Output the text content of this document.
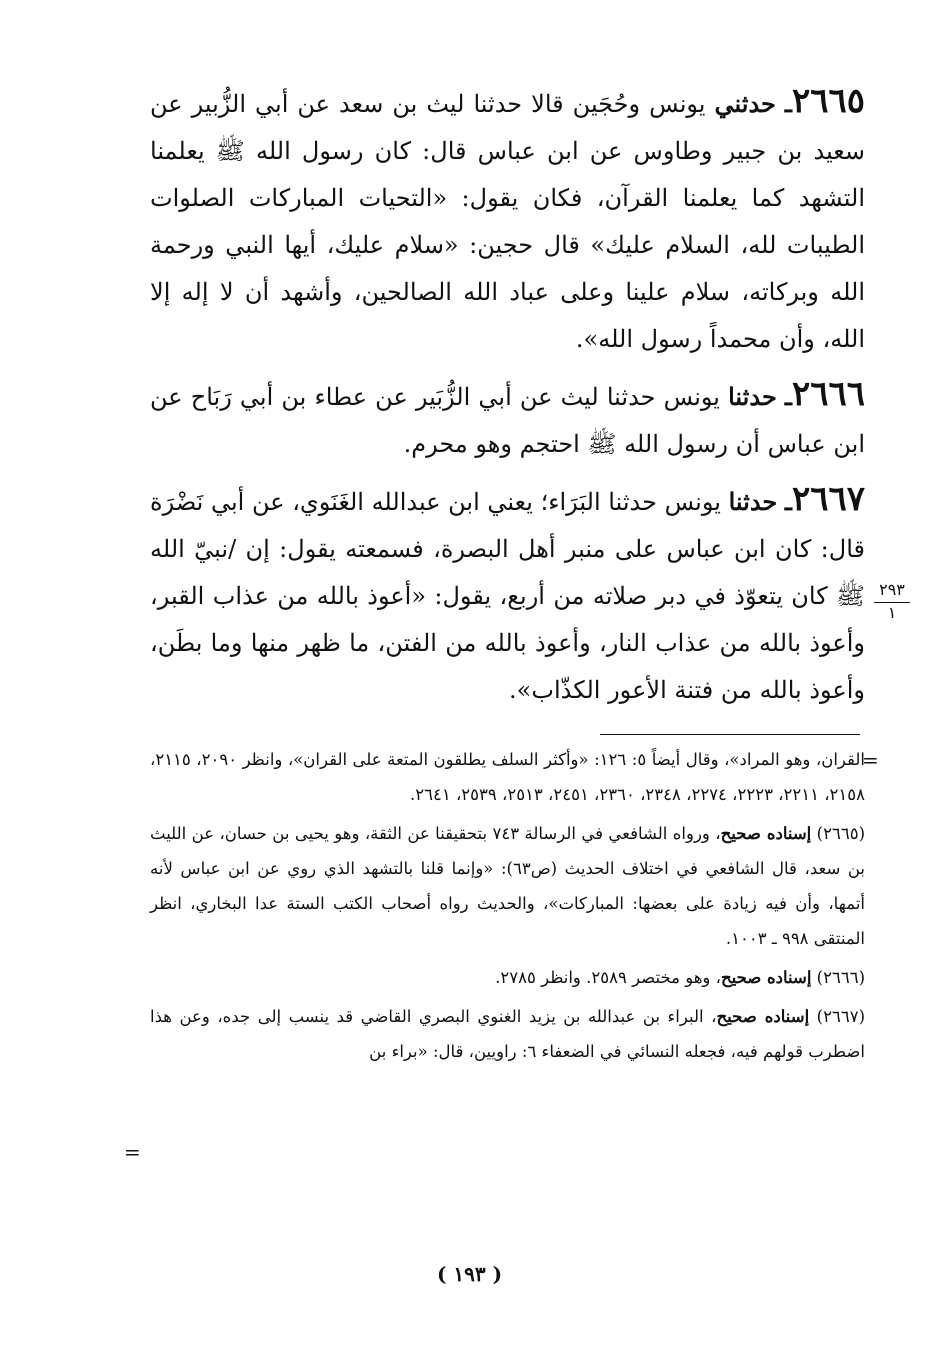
٢٦٦٥ـ حدثني يونس وحُجَين قالا حدثنا ليث بن سعد عن أبي الزُّبير عن سعيد بن جبير وطاوس عن ابن عباس قال: كان رسول الله ﷺ يعلمنا التشهد كما يعلمنا القرآن، فكان يقول: «التحيات المباركات الصلوات الطيبات لله، السلام عليك» قال حجين: «سلام عليك، أيها النبي ورحمة الله وبركاته، سلام علينا وعلى عباد الله الصالحين، وأشهد أن لا إله إلا الله، وأن محمداً رسول الله».

٢٦٦٦ـ حدثنا يونس حدثنا ليث عن أبي الزُّبَير عن عطاء بن أبي رَبَاح عن ابن عباس أن رسول الله ﷺ احتجم وهو محرم.

٢٦٦٧ـ حدثنا يونس حدثنا البَرَاء؛ يعني ابن عبدالله الغَنَوي، عن أبي نَضْرَة قال: كان ابن عباس على منبر أهل البصرة، فسمعته يقول: إن /نبيّ الله ﷺ كان يتعوّذ في دبر صلاته من أربع، يقول: «أعوذ بالله من عذاب القبر، وأعوذ بالله من عذاب النار، وأعوذ بالله من الفتن، ما ظهر منها وما بطَن، وأعوذ بالله من فتنة الأعور الكذّاب».

٢٩٣
١
=

القران، وهو المراد»، وقال أيضاً ٥: ١٢٦: «وأكثر السلف يطلقون المتعة على القران»، وانظر ٢٠٩٠، ٢١١٥، ٢١٥٨، ٢٢١١، ٢٢٢٣، ٢٢٧٤، ٢٣٤٨، ٢٣٦٠، ٢٤٥١، ٢٥١٣، ٢٥٣٩، ٢٦٤١.

(٢٦٦٥) إسناده صحيح، ورواه الشافعي في الرسالة ٧٤٣ بتحقيقنا عن الثقة، وهو يحيى بن حسان، عن الليث بن سعد، قال الشافعي في اختلاف الحديث (ص٦٣): «وإنما قلنا بالتشهد الذي روي عن ابن عباس لأنه أتمها، وأن فيه زيادة على بعضها: المباركات»، والحديث رواه أصحاب الكتب الستة عدا البخاري، انظر المنتقى ٩٩٨ ـ ١٠٠٣.

(٢٦٦٦) إسناده صحيح، وهو مختصر ٢٥٨٩. وانظر ٢٧٨٥.

(٢٦٦٧) إسناده صحيح، البراء بن عبدالله بن يزيد الغنوي البصري القاضي قد ينسب إلى جده، وعن هذا اضطرب قولهم فيه، فجعله النسائي في الضعفاء ٦: راويين، قال: «براء بن

=
( ١٩٣ )
